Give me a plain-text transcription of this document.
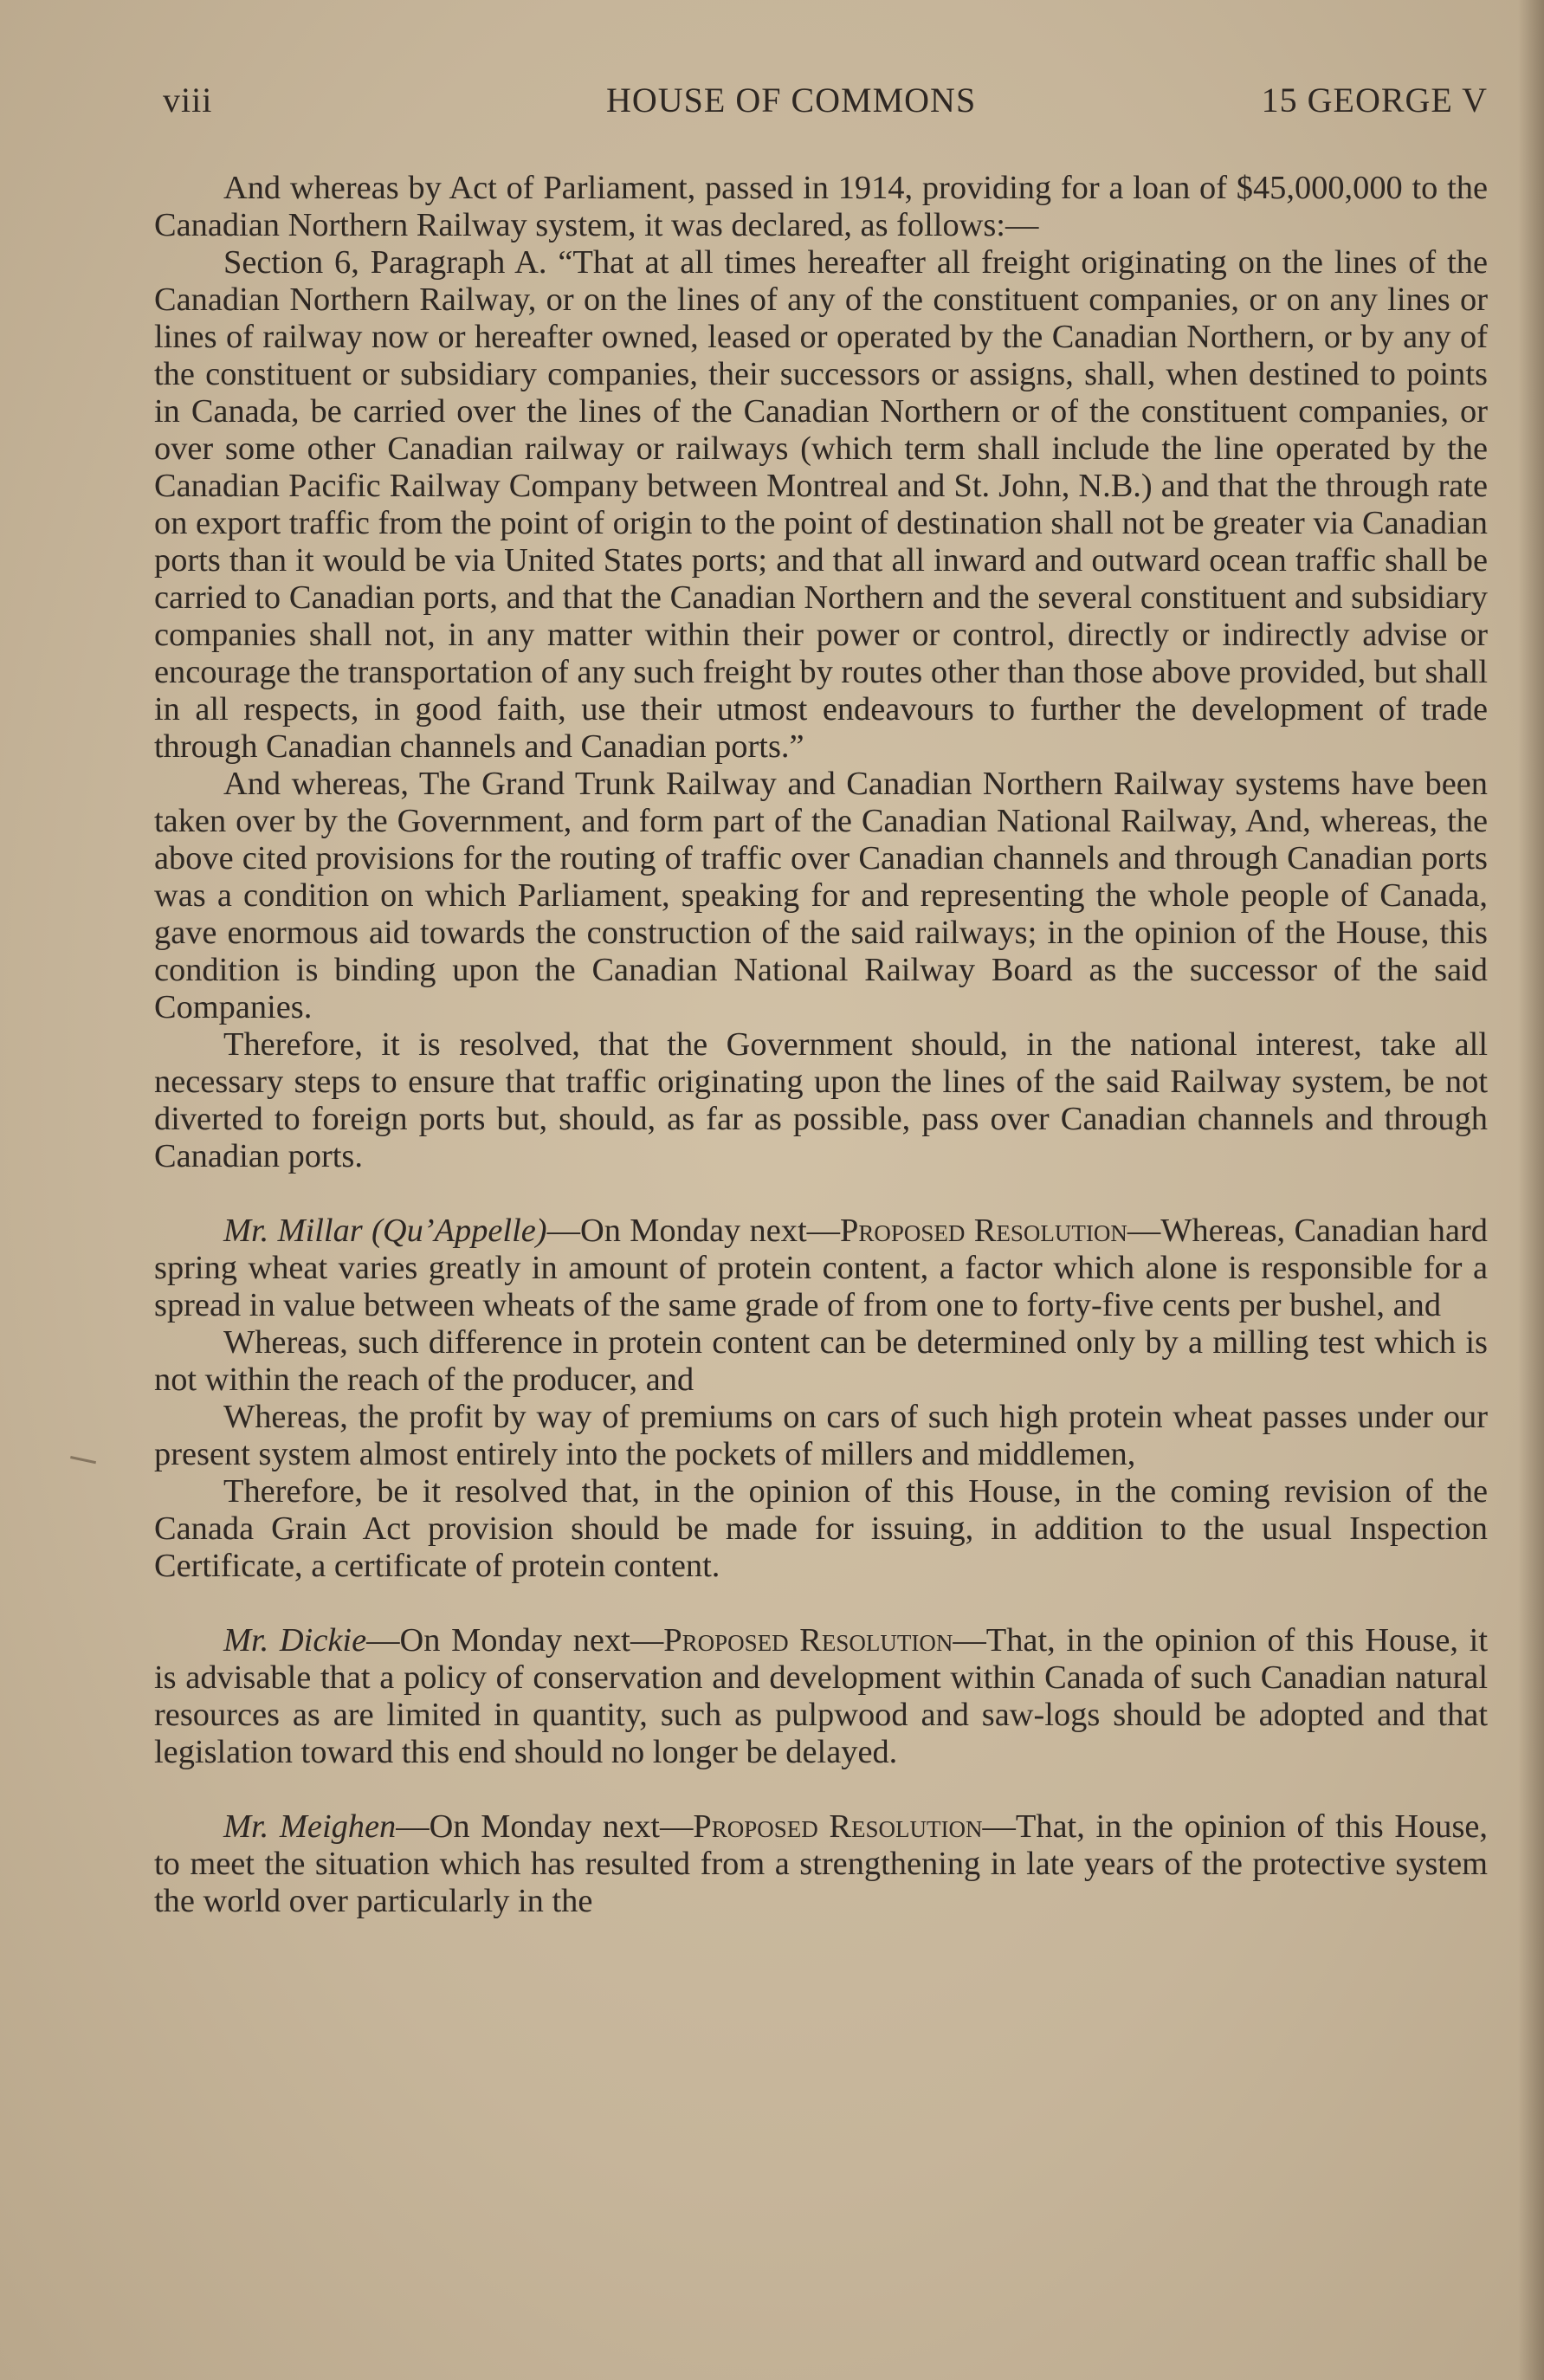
viii	HOUSE OF COMMONS	15 GEORGE V

And whereas by Act of Parliament, passed in 1914, providing for a loan of $45,000,000 to the Canadian Northern Railway system, it was declared, as follows:—

Section 6, Paragraph A. “That at all times hereafter all freight originating on the lines of the Canadian Northern Railway, or on the lines of any of the constituent companies, or on any lines or lines of railway now or hereafter owned, leased or operated by the Canadian Northern, or by any of the constituent or subsidiary companies, their successors or assigns, shall, when destined to points in Canada, be carried over the lines of the Canadian Northern or of the constituent companies, or over some other Canadian railway or railways (which term shall include the line operated by the Canadian Pacific Railway Company between Montreal and St. John, N.B.) and that the through rate on export traffic from the point of origin to the point of destination shall not be greater via Canadian ports than it would be via United States ports; and that all inward and outward ocean traffic shall be carried to Canadian ports, and that the Canadian Northern and the several constituent and subsidiary companies shall not, in any matter within their power or control, directly or indirectly advise or encourage the transportation of any such freight by routes other than those above provided, but shall in all respects, in good faith, use their utmost endeavours to further the development of trade through Canadian channels and Canadian ports.”

And whereas, The Grand Trunk Railway and Canadian Northern Railway systems have been taken over by the Government, and form part of the Canadian National Railway, And, whereas, the above cited provisions for the routing of traffic over Canadian channels and through Canadian ports was a condition on which Parliament, speaking for and representing the whole people of Canada, gave enormous aid towards the construction of the said railways; in the opinion of the House, this condition is binding upon the Canadian National Railway Board as the successor of the said Companies.

Therefore, it is resolved, that the Government should, in the national interest, take all necessary steps to ensure that traffic originating upon the lines of the said Railway system, be not diverted to foreign ports but, should, as far as possible, pass over Canadian channels and through Canadian ports.

Mr. Millar (Qu’Appelle)—On Monday next—Proposed Resolution—Whereas, Canadian hard spring wheat varies greatly in amount of protein content, a factor which alone is responsible for a spread in value between wheats of the same grade of from one to forty-five cents per bushel, and

Whereas, such difference in protein content can be determined only by a milling test which is not within the reach of the producer, and

Whereas, the profit by way of premiums on cars of such high protein wheat passes under our present system almost entirely into the pockets of millers and middlemen,

Therefore, be it resolved that, in the opinion of this House, in the coming revision of the Canada Grain Act provision should be made for issuing, in addition to the usual Inspection Certificate, a certificate of protein content.

Mr. Dickie—On Monday next—Proposed Resolution—That, in the opinion of this House, it is advisable that a policy of conservation and development within Canada of such Canadian natural resources as are limited in quantity, such as pulpwood and saw-logs should be adopted and that legislation toward this end should no longer be delayed.

Mr. Meighen—On Monday next—Proposed Resolution—That, in the opinion of this House, to meet the situation which has resulted from a strengthening in late years of the protective system the world over particularly in the
